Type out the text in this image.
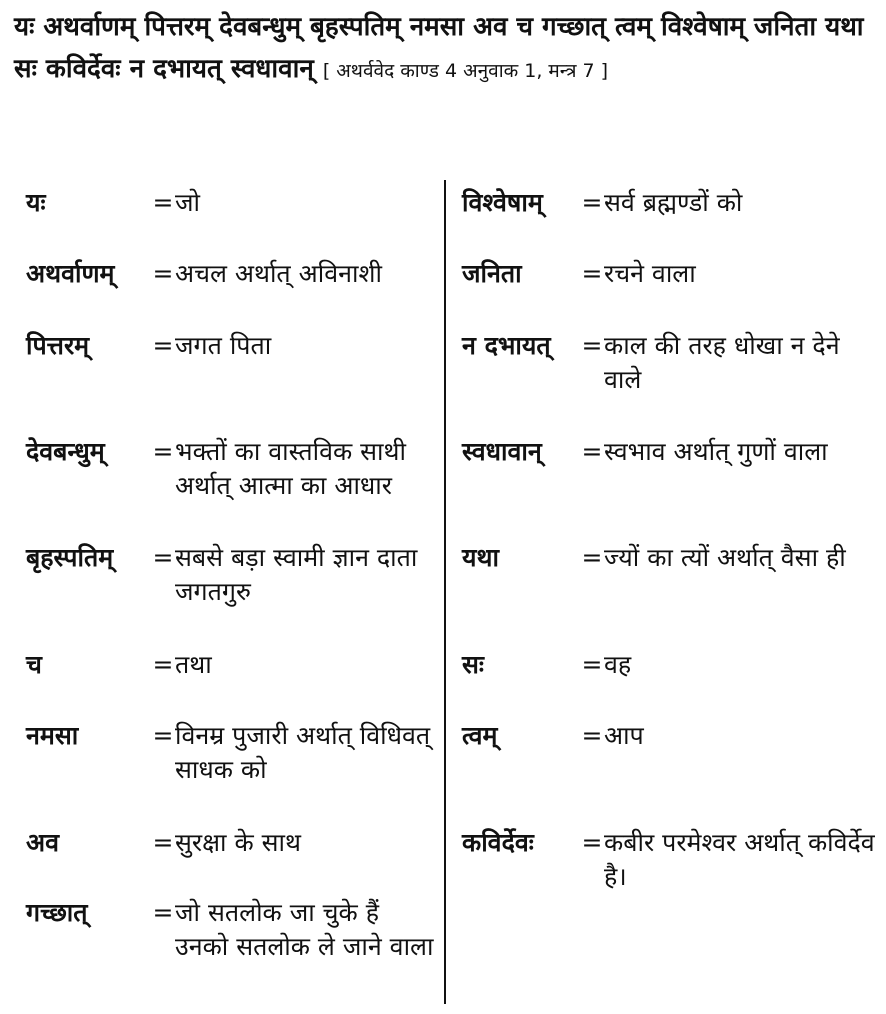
यः अथर्वाणम् पित्तरम् देवबन्धुम् बृहस्पतिम् नमसा अव च गच्छात् त्वम् विश्वेषाम् जनिता यथा सः कविर्देवः न दभायत् स्वधावान् [ अथर्ववेद काण्ड 4 अनुवाक 1, मन्त्र 7 ]
यः	= जो
अथर्वाणम्	= अचल अर्थात् अविनाशी
पित्तरम्	= जगत पिता
देवबन्धुम्	= भक्तों का वास्तविक साथी अर्थात् आत्मा का आधार
बृहस्पतिम्	= सबसे बड़ा स्वामी ज्ञान दाता जगतगुरु
च	= तथा
नमसा	= विनम्र पुजारी अर्थात् विधिवत् साधक को
अव	= सुरक्षा के साथ
गच्छात्	= जो सतलोक जा चुके हैं उनको सतलोक ले जाने वाला
विश्वेषाम्	= सर्व ब्रह्मण्डों को
जनिता	= रचने वाला
न दभायत्	= काल की तरह धोखा न देने वाले
स्वधावान्	= स्वभाव अर्थात् गुणों वाला
यथा	= ज्यों का त्यों अर्थात् वैसा ही
सः	= वह
त्वम्	= आप
कविर्देवः	= कबीर परमेश्वर अर्थात् कविर्देव है।
